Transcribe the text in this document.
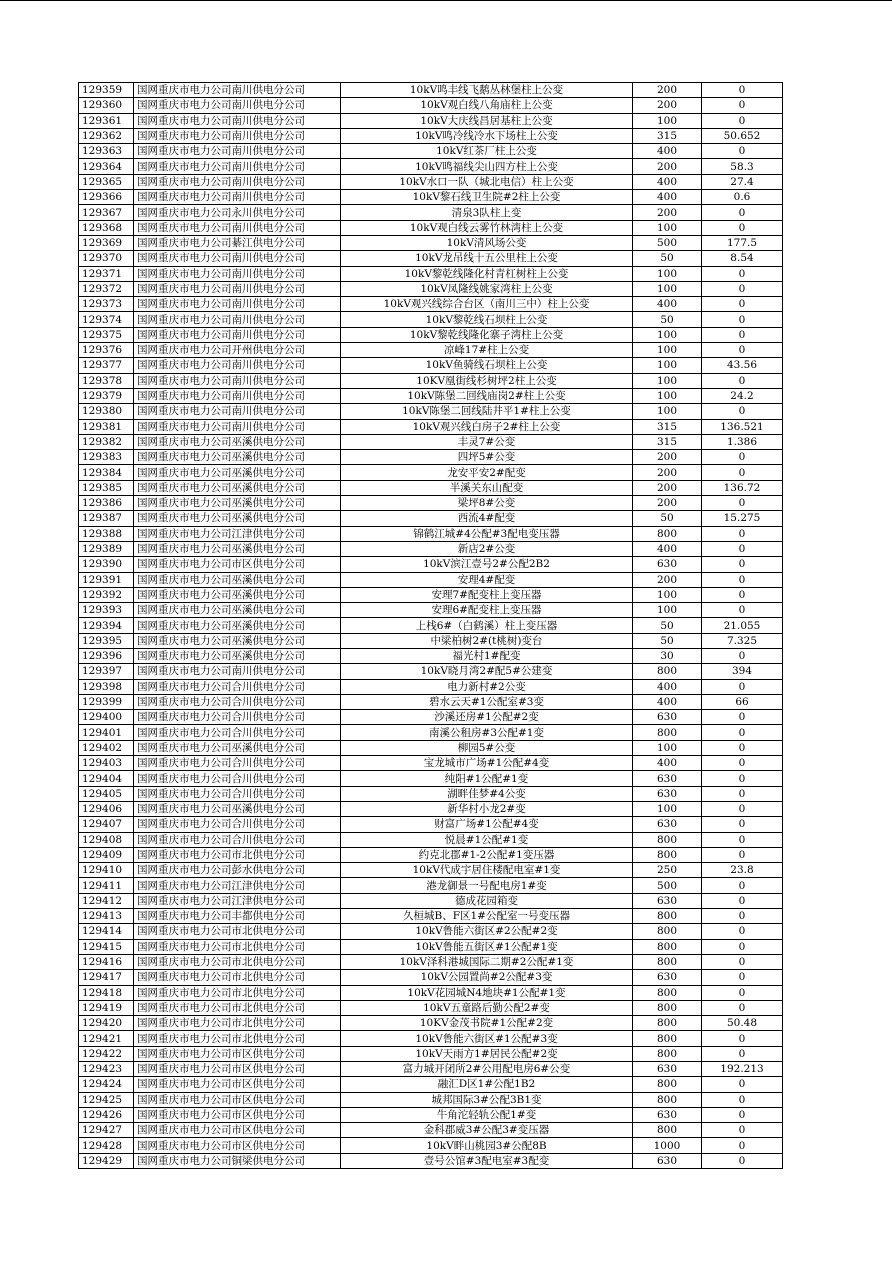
129359	国网重庆市电力公司南川供电分公司	10kV鸣丰线飞鹅丛林堡柱上公变	200	0
129360	国网重庆市电力公司南川供电分公司	10kV观白线八角庙柱上公变	200	0
129361	国网重庆市电力公司南川供电分公司	10kV大庆线昌居基柱上公变	100	0
129362	国网重庆市电力公司南川供电分公司	10kV鸣冷线冷水下场柱上公变	315	50.652
129363	国网重庆市电力公司南川供电分公司	10kV红茶厂柱上公变	400	0
129364	国网重庆市电力公司南川供电分公司	10kV鸣福线尖山四方柱上公变	200	58.3
129365	国网重庆市电力公司南川供电分公司	10kV水口一队（城北电信）柱上公变	400	27.4
129366	国网重庆市电力公司南川供电分公司	10kV黎石线卫生院#2柱上公变	400	0.6
129367	国网重庆市电力公司永川供电分公司	清泉3队柱上变	200	0
129368	国网重庆市电力公司南川供电分公司	10kV观白线云雾竹林湾柱上公变	100	0
129369	国网重庆市电力公司綦江供电分公司	10kV清风场公变	500	177.5
129370	国网重庆市电力公司南川供电分公司	10kV龙吊线十五公里柱上公变	50	8.54
129371	国网重庆市电力公司南川供电分公司	10kV黎乾线隆化村青杠树柱上公变	100	0
129372	国网重庆市电力公司南川供电分公司	10kV凤隆线姚家湾柱上公变	100	0
129373	国网重庆市电力公司南川供电分公司	10kV观兴线综合台区（南川三中）柱上公变	400	0
129374	国网重庆市电力公司南川供电分公司	10kV黎乾线石坝柱上公变	50	0
129375	国网重庆市电力公司南川供电分公司	10kV黎乾线隆化寨子湾柱上公变	100	0
129376	国网重庆市电力公司开州供电分公司	凉峰17#柱上公变	100	0
129377	国网重庆市电力公司南川供电分公司	10kV鱼骑线石坝柱上公变	100	43.56
129378	国网重庆市电力公司南川供电分公司	10KV凰街线杉树坪2柱上公变	100	0
129379	国网重庆市电力公司南川供电分公司	10kV陈堡二回线庙岗2#柱上公变	100	24.2
129380	国网重庆市电力公司南川供电分公司	10kV陈堡二回线陆井平1#柱上公变	100	0
129381	国网重庆市电力公司南川供电分公司	10kV观兴线白房子2#柱上公变	315	136.521
129382	国网重庆市电力公司巫溪供电分公司	丰灵7#公变	315	1.386
129383	国网重庆市电力公司巫溪供电分公司	四坪5#公变	200	0
129384	国网重庆市电力公司巫溪供电分公司	龙安平安2#配变	200	0
129385	国网重庆市电力公司巫溪供电分公司	半溪关东山配变	200	136.72
129386	国网重庆市电力公司巫溪供电分公司	梁坪8#公变	200	0
129387	国网重庆市电力公司巫溪供电分公司	西流4#配变	50	15.275
129388	国网重庆市电力公司江津供电分公司	锦鹤江城#4公配#3配电变压器	800	0
129389	国网重庆市电力公司巫溪供电分公司	新店2#公变	400	0
129390	国网重庆市电力公司市区供电分公司	10kV滨江壹号2#公配2B2	630	0
129391	国网重庆市电力公司巫溪供电分公司	安理4#配变	200	0
129392	国网重庆市电力公司巫溪供电分公司	安理7#配变柱上变压器	100	0
129393	国网重庆市电力公司巫溪供电分公司	安理6#配变柱上变压器	100	0
129394	国网重庆市电力公司巫溪供电分公司	上栈6#（白鹤溪）柱上变压器	50	21.055
129395	国网重庆市电力公司巫溪供电分公司	中梁柏树2#(t桃树)变台	50	7.325
129396	国网重庆市电力公司巫溪供电分公司	福光村1#配变	30	0
129397	国网重庆市电力公司南川供电分公司	10kV晓月湾2#配5#公建变	800	394
129398	国网重庆市电力公司合川供电分公司	电力新村#2公变	400	0
129399	国网重庆市电力公司合川供电分公司	碧水云天#1公配室#3变	400	66
129400	国网重庆市电力公司合川供电分公司	沙溪还房#1公配#2变	630	0
129401	国网重庆市电力公司合川供电分公司	南溪公租房#3公配#1变	800	0
129402	国网重庆市电力公司巫溪供电分公司	柳园5#公变	100	0
129403	国网重庆市电力公司合川供电分公司	宝龙城市广场#1公配#4变	400	0
129404	国网重庆市电力公司合川供电分公司	纯阳#1公配#1变	630	0
129405	国网重庆市电力公司合川供电分公司	湖畔佳梦#4公变	630	0
129406	国网重庆市电力公司巫溪供电分公司	新华村小龙2#变	100	0
129407	国网重庆市电力公司合川供电分公司	财富广场#1公配#4变	630	0
129408	国网重庆市电力公司合川供电分公司	悦晨#1公配#1变	800	0
129409	国网重庆市电力公司市北供电分公司	约克北郡#1-2公配#1变压器	800	0
129410	国网重庆市电力公司彭水供电分公司	10kV代成宇居住楼配电室#1变	250	23.8
129411	国网重庆市电力公司江津供电分公司	港龙御景一号配电房1#变	500	0
129412	国网重庆市电力公司江津供电分公司	德成花园箱变	630	0
129413	国网重庆市电力公司丰都供电分公司	久桓城B、F区1#公配室一号变压器	800	0
129414	国网重庆市电力公司市北供电分公司	10kV鲁能六街区#2公配#2变	800	0
129415	国网重庆市电力公司市北供电分公司	10kV鲁能五街区#1公配#1变	800	0
129416	国网重庆市电力公司市北供电分公司	10kV泽科港城国际二期#2公配#1变	800	0
129417	国网重庆市电力公司市北供电分公司	10kV公园置尚#2公配#3变	630	0
129418	国网重庆市电力公司市北供电分公司	10kV花园城N4地块#1公配#1变	800	0
129419	国网重庆市电力公司市北供电分公司	10kV五童路后勤公配2#变	800	0
129420	国网重庆市电力公司市北供电分公司	10KV金茂书院#1公配#2变	800	50.48
129421	国网重庆市电力公司市北供电分公司	10kV鲁能六街区#1公配#3变	800	0
129422	国网重庆市电力公司市区供电分公司	10kV天雨方1#居民公配#2变	800	0
129423	国网重庆市电力公司市区供电分公司	富力城开闭所2#公用配电房6#公变	630	192.213
129424	国网重庆市电力公司市区供电分公司	融汇D区1#公配1B2	800	0
129425	国网重庆市电力公司市区供电分公司	城邦国际3#公配3B1变	800	0
129426	国网重庆市电力公司市区供电分公司	牛角沱轻轨公配1#变	630	0
129427	国网重庆市电力公司市区供电分公司	金科郡威3#公配3#变压器	800	0
129428	国网重庆市电力公司市区供电分公司	10kV畔山桃园3#公配8B	1000	0
129429	国网重庆市电力公司铜梁供电分公司	壹号公馆#3配电室#3配变	630	0
